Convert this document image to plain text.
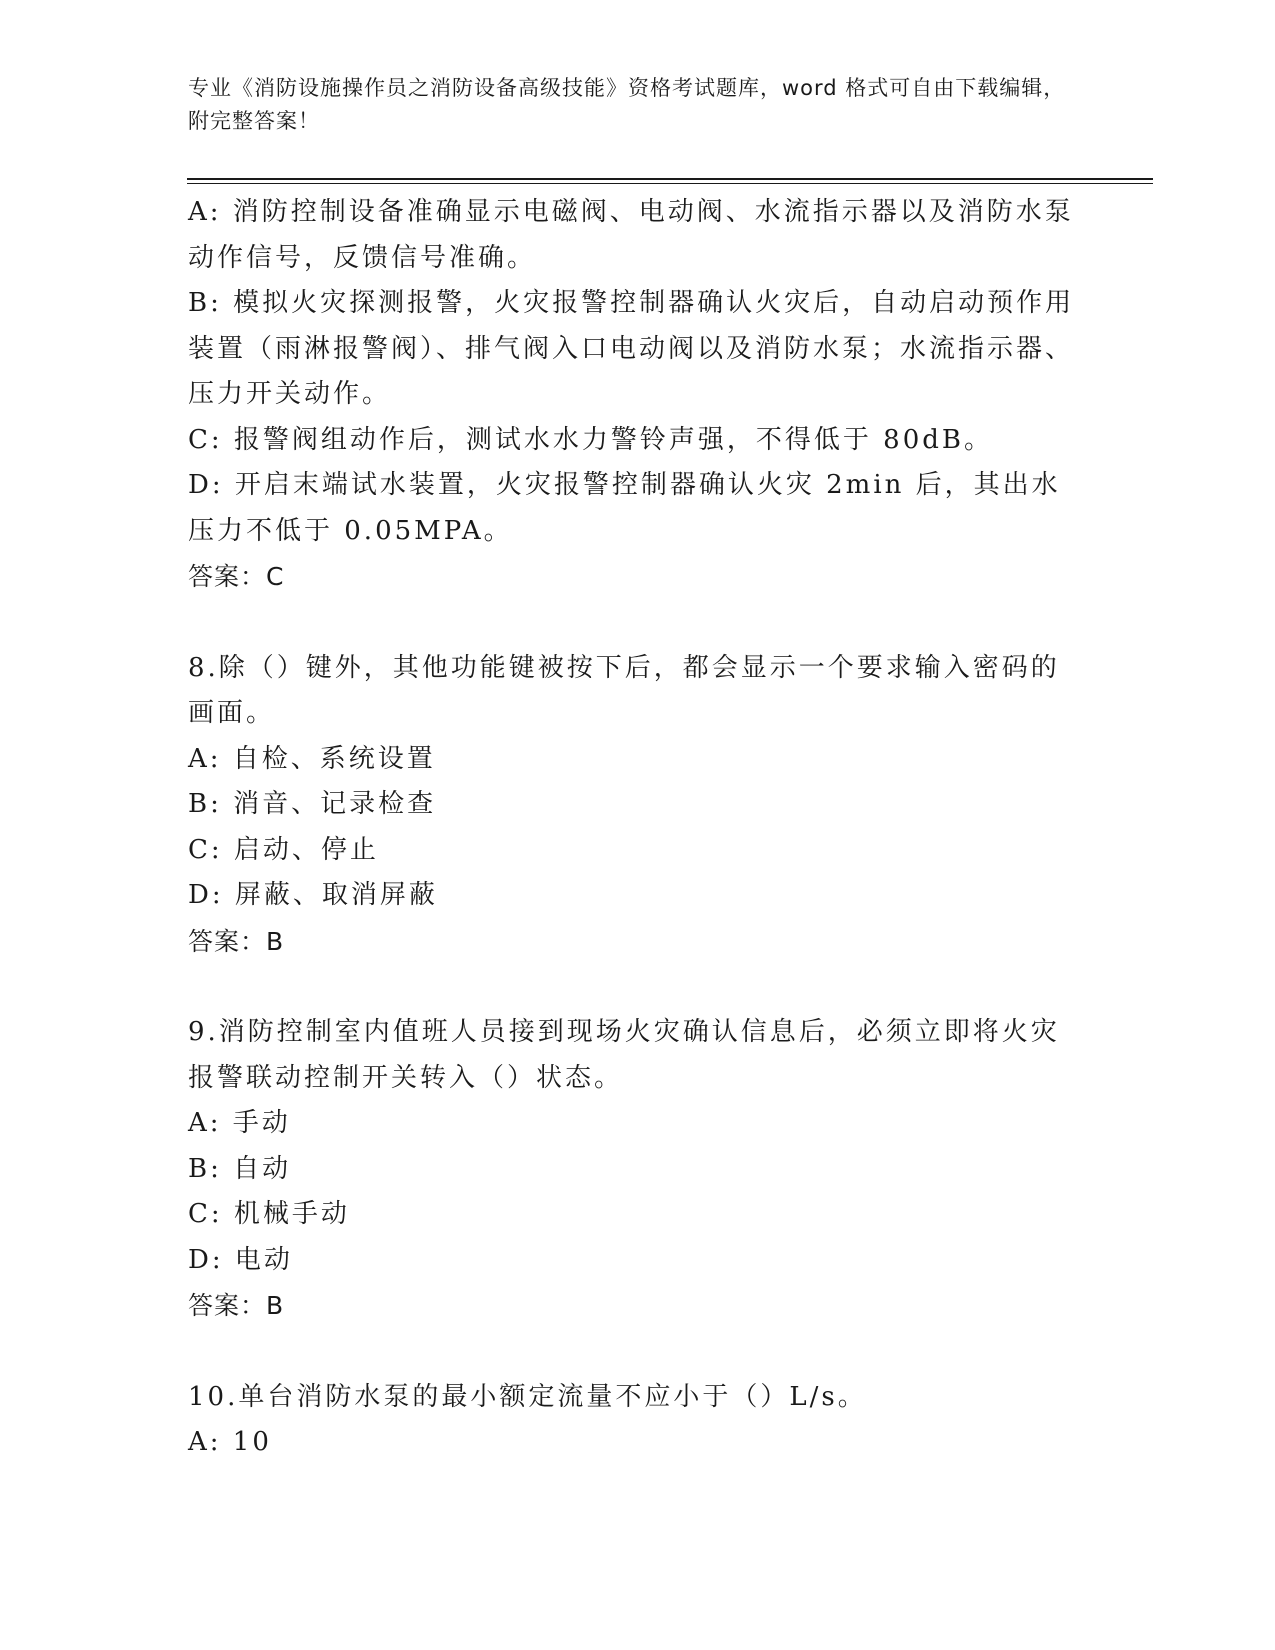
专业《消防设施操作员之消防设备高级技能》资格考试题库，word 格式可自由下载编辑，附完整答案！

A: 消防控制设备准确显示电磁阀、电动阀、水流指示器以及消防水泵动作信号，反馈信号准确。

B: 模拟火灾探测报警，火灾报警控制器确认火灾后，自动启动预作用装置（雨淋报警阀）、排气阀入口电动阀以及消防水泵；水流指示器、压力开关动作。

C: 报警阀组动作后，测试水水力警铃声强，不得低于 80dB。

D: 开启末端试水装置，火灾报警控制器确认火灾 2min 后，其出水压力不低于 0.05MPA。

答案：C

8.除（）键外，其他功能键被按下后，都会显示一个要求输入密码的画面。

A: 自检、系统设置

B: 消音、记录检查

C: 启动、停止

D: 屏蔽、取消屏蔽

答案：B

9.消防控制室内值班人员接到现场火灾确认信息后，必须立即将火灾报警联动控制开关转入（）状态。

A: 手动

B: 自动

C: 机械手动

D: 电动

答案：B

10.单台消防水泵的最小额定流量不应小于（）L/s。

A: 10
